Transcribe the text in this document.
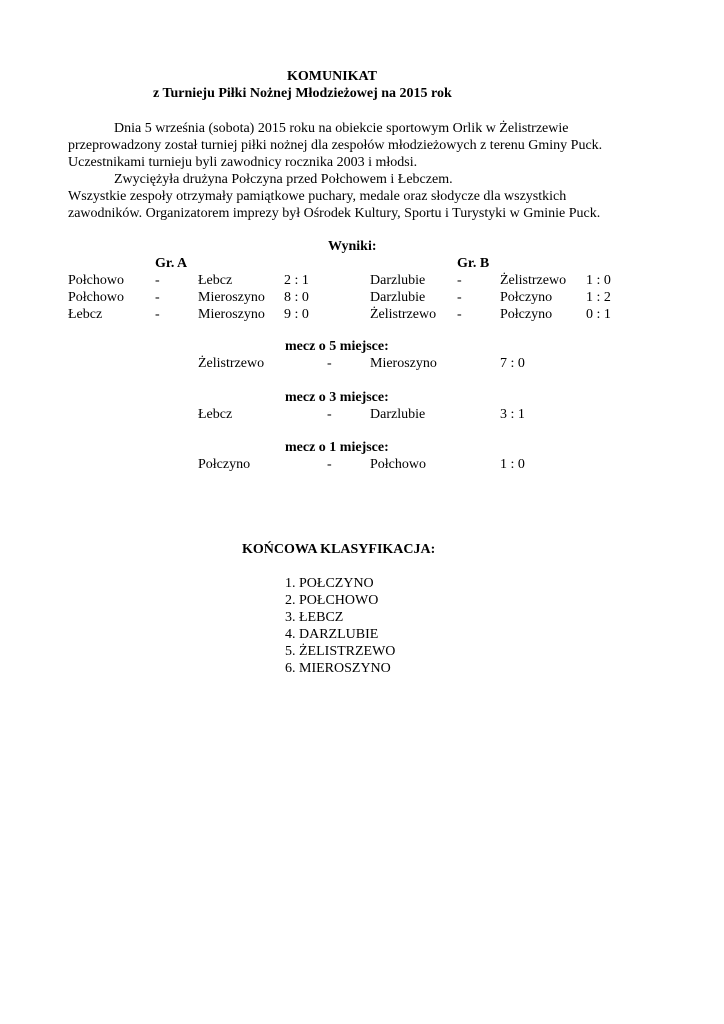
KOMUNIKAT
z Turnieju Piłki Nożnej Młodzieżowej na 2015 rok
Dnia 5 września (sobota) 2015 roku na obiekcie sportowym Orlik w Żelistrzewie
przeprowadzony został turniej piłki nożnej dla zespołów młodzieżowych z terenu Gminy Puck.
Uczestnikami turnieju byli zawodnicy rocznika 2003 i młodsi.
Zwyciężyła drużyna Połczyna przed Połchowem i Łebczem.
Wszystkie zespoły otrzymały pamiątkowe puchary, medale oraz słodycze dla wszystkich
zawodników. Organizatorem imprezy był Ośrodek Kultury, Sportu i Turystyki w Gminie Puck.
Wyniki:
Gr. A	Gr. B
Połchowo -	Łebcz	2 : 1	Darzlubie -	Żelistrzewo 1 : 0
Połchowo -	Mieroszyno 8 : 0	Darzlubie -	Połczyno 1 : 2
Łebcz	-	Mieroszyno 9 : 0	Żelistrzewo -	Połczyno 0 : 1
mecz o 5 miejsce:
Żelistrzewo	-	Mieroszyno	7 : 0
mecz o 3 miejsce:
Łebcz	-	Darzlubie	3 : 1
mecz o 1 miejsce:
Połczyno	-	Połchowo	1 : 0
KOŃCOWA KLASYFIKACJA:
1. POŁCZYNO
2. POŁCHOWO
3. ŁEBCZ
4. DARZLUBIE
5. ŻELISTRZEWO
6. MIEROSZYNO
